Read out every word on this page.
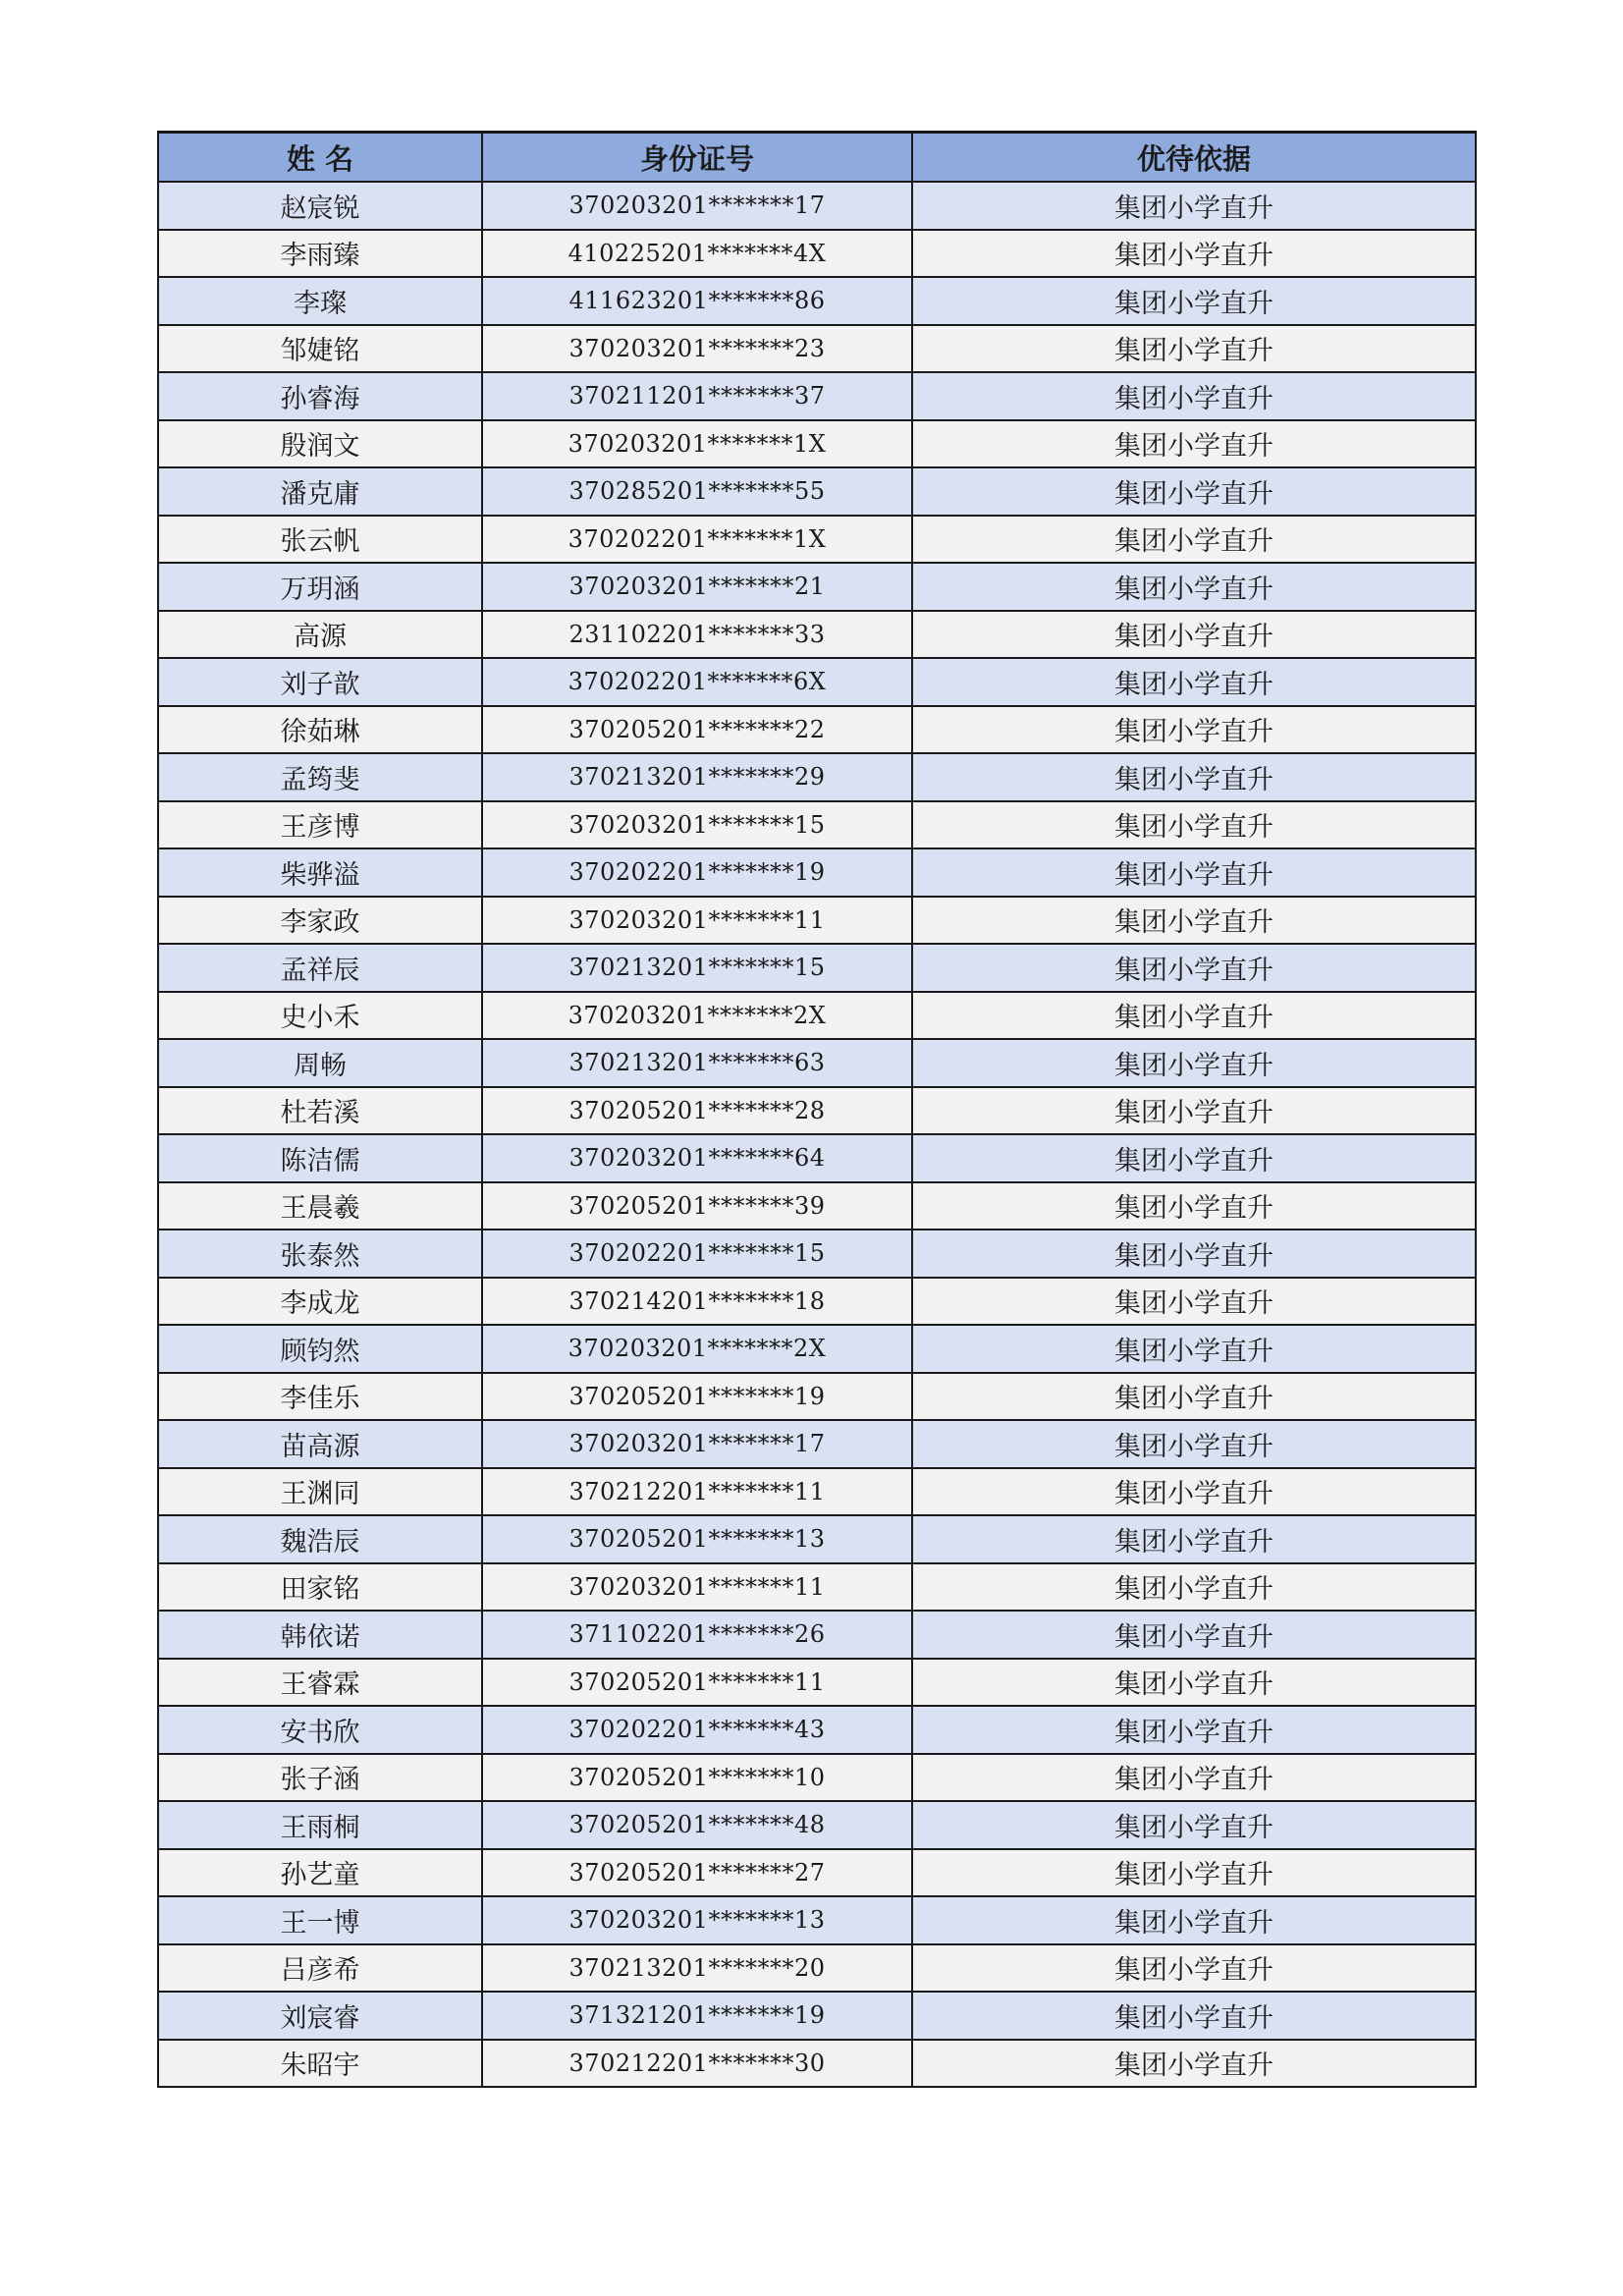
姓 名	身份证号	优待依据
赵宸锐	370203201*******17	集团小学直升
李雨臻	410225201*******4X	集团小学直升
李璨	411623201*******86	集团小学直升
邹婕铭	370203201*******23	集团小学直升
孙睿海	370211201*******37	集团小学直升
殷润文	370203201*******1X	集团小学直升
潘克庸	370285201*******55	集团小学直升
张云帆	370202201*******1X	集团小学直升
万玥涵	370203201*******21	集团小学直升
高源	231102201*******33	集团小学直升
刘子歆	370202201*******6X	集团小学直升
徐茹琳	370205201*******22	集团小学直升
孟筠斐	370213201*******29	集团小学直升
王彦博	370203201*******15	集团小学直升
柴骅溢	370202201*******19	集团小学直升
李家政	370203201*******11	集团小学直升
孟祥辰	370213201*******15	集团小学直升
史小禾	370203201*******2X	集团小学直升
周畅	370213201*******63	集团小学直升
杜若溪	370205201*******28	集团小学直升
陈洁儒	370203201*******64	集团小学直升
王晨羲	370205201*******39	集团小学直升
张泰然	370202201*******15	集团小学直升
李成龙	370214201*******18	集团小学直升
顾钧然	370203201*******2X	集团小学直升
李佳乐	370205201*******19	集团小学直升
苗高源	370203201*******17	集团小学直升
王渊同	370212201*******11	集团小学直升
魏浩辰	370205201*******13	集团小学直升
田家铭	370203201*******11	集团小学直升
韩依诺	371102201*******26	集团小学直升
王睿霖	370205201*******11	集团小学直升
安书欣	370202201*******43	集团小学直升
张子涵	370205201*******10	集团小学直升
王雨桐	370205201*******48	集团小学直升
孙艺童	370205201*******27	集团小学直升
王一博	370203201*******13	集团小学直升
吕彦希	370213201*******20	集团小学直升
刘宸睿	371321201*******19	集团小学直升
朱昭宇	370212201*******30	集团小学直升
